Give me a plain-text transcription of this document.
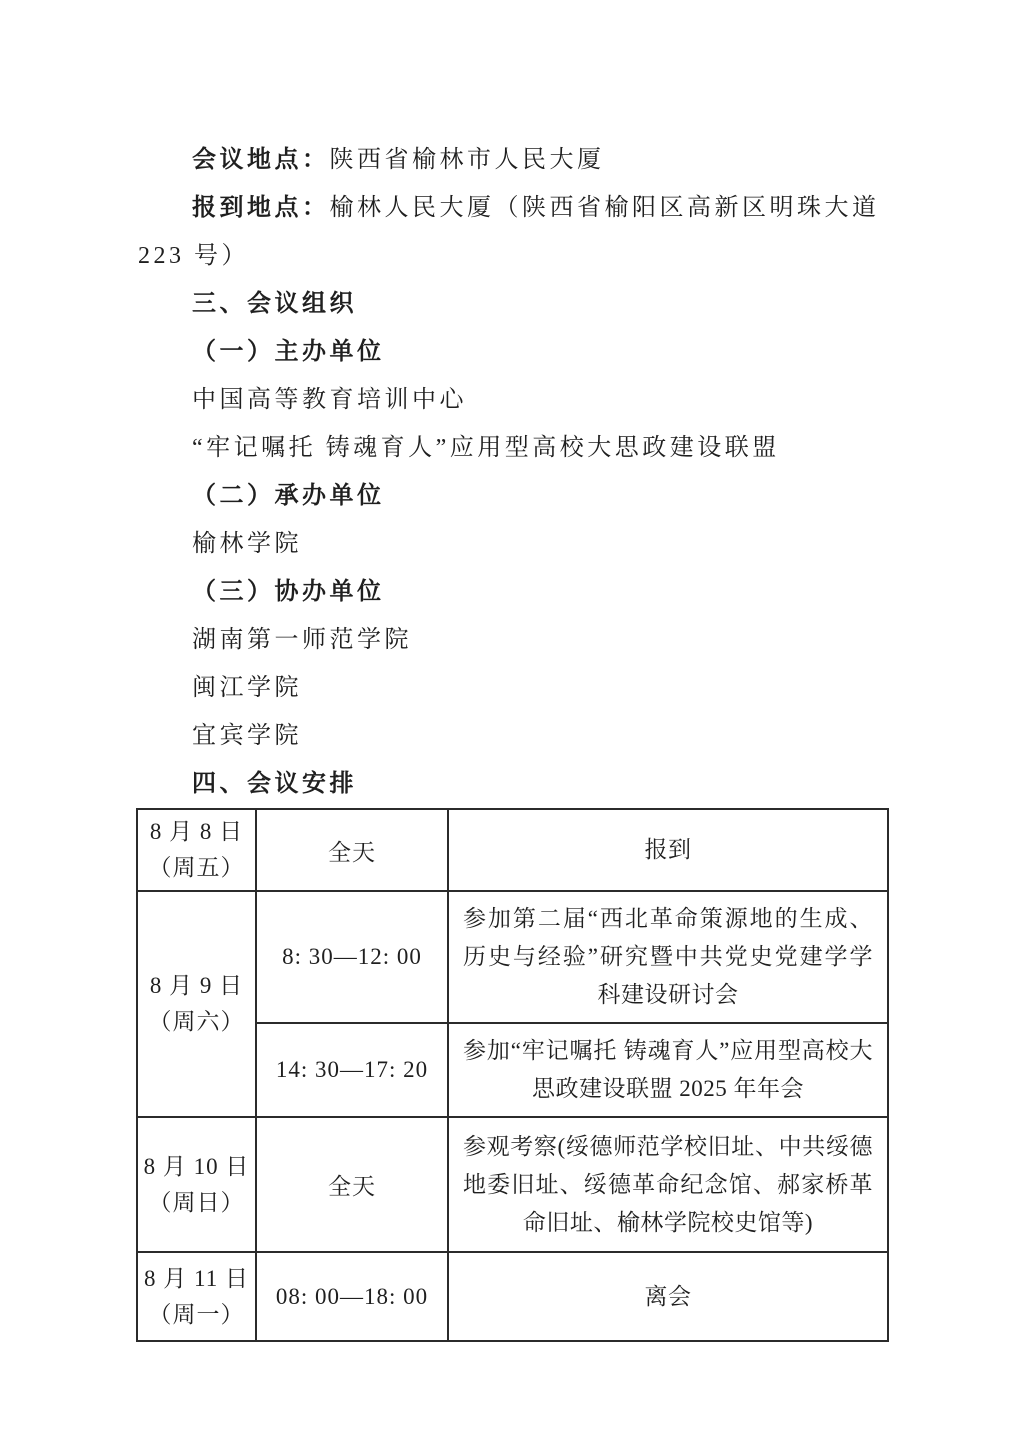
会议地点：陕西省榆林市人民大厦

报到地点：榆林人民大厦（陕西省榆阳区高新区明珠大道 223 号）

三、会议组织

（一）主办单位

中国高等教育培训中心

“牢记嘱托 铸魂育人”应用型高校大思政建设联盟

（二）承办单位

榆林学院

（三）协办单位

湖南第一师范学院

闽江学院

宜宾学院

四、会议安排

8 月 8 日
（周五）	全天	报到

8 月 9 日
（周六）	8: 30—12: 00	参加第二届“西北革命策源地的生成、历史与经验”研究暨中共党史党建学学科建设研讨会
	14: 30—17: 20	参加“牢记嘱托 铸魂育人”应用型高校大思政建设联盟 2025 年年会

8 月 10 日
（周日）	全天	参观考察(绥德师范学校旧址、中共绥德地委旧址、绥德革命纪念馆、郝家桥革命旧址、榆林学院校史馆等)

8 月 11 日
（周一）	08: 00—18: 00	离会
